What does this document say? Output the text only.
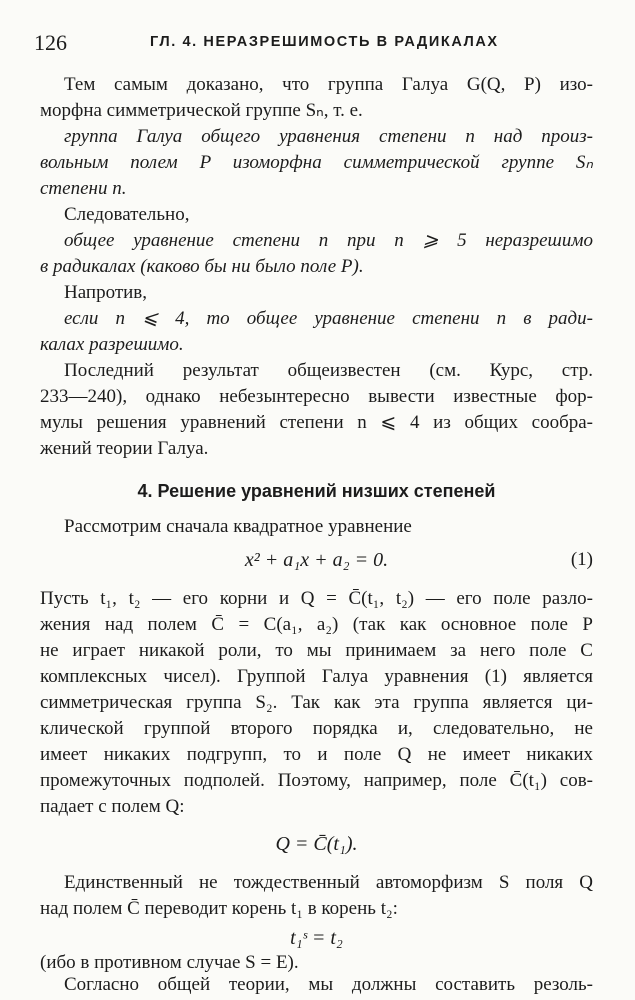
126	ГЛ. 4. НЕРАЗРЕШИМОСТЬ В РАДИКАЛАХ
Тем самым доказано, что группа Галуа G(Q, P) изо-
морфна симметрической группе Sₙ, т. е.
группа Галуа общего уравнения степени n над произ-
вольным полем P изоморфна симметрической группе Sₙ
степени n.
Следовательно,
общее уравнение степени n при n ⩾ 5 неразрешимо
в радикалах (каково бы ни было поле P).
Напротив,
если n ⩽ 4, то общее уравнение степени n в ради-
калах разрешимо.
Последний результат общеизвестен (см. Курс, стр.
233—240), однако небезынтересно вывести известные фор-
мулы решения уравнений степени n ⩽ 4 из общих сообра-
жений теории Галуа.
4. Решение уравнений низших степеней
Рассмотрим сначала квадратное уравнение
x² + a₁x + a₂ = 0.	(1)
Пусть t₁, t₂ — его корни и Q = C̄(t₁, t₂) — его поле разло-
жения над полем C̄ = C(a₁, a₂) (так как основное поле P
не играет никакой роли, то мы принимаем за него поле C
комплексных чисел). Группой Галуа уравнения (1) является
симметрическая группа S₂. Так как эта группа является ци-
клической группой второго порядка и, следовательно, не
имеет никаких подгрупп, то и поле Q не имеет никаких
промежуточных подполей. Поэтому, например, поле C̄(t₁) сов-
падает с полем Q:
Q = C̄(t₁).
Единственный не тождественный автоморфизм S поля Q
над полем C̄ переводит корень t₁ в корень t₂:
t₁ˢ = t₂
(ибо в противном случае S = E).
Согласно общей теории, мы должны составить резоль-
